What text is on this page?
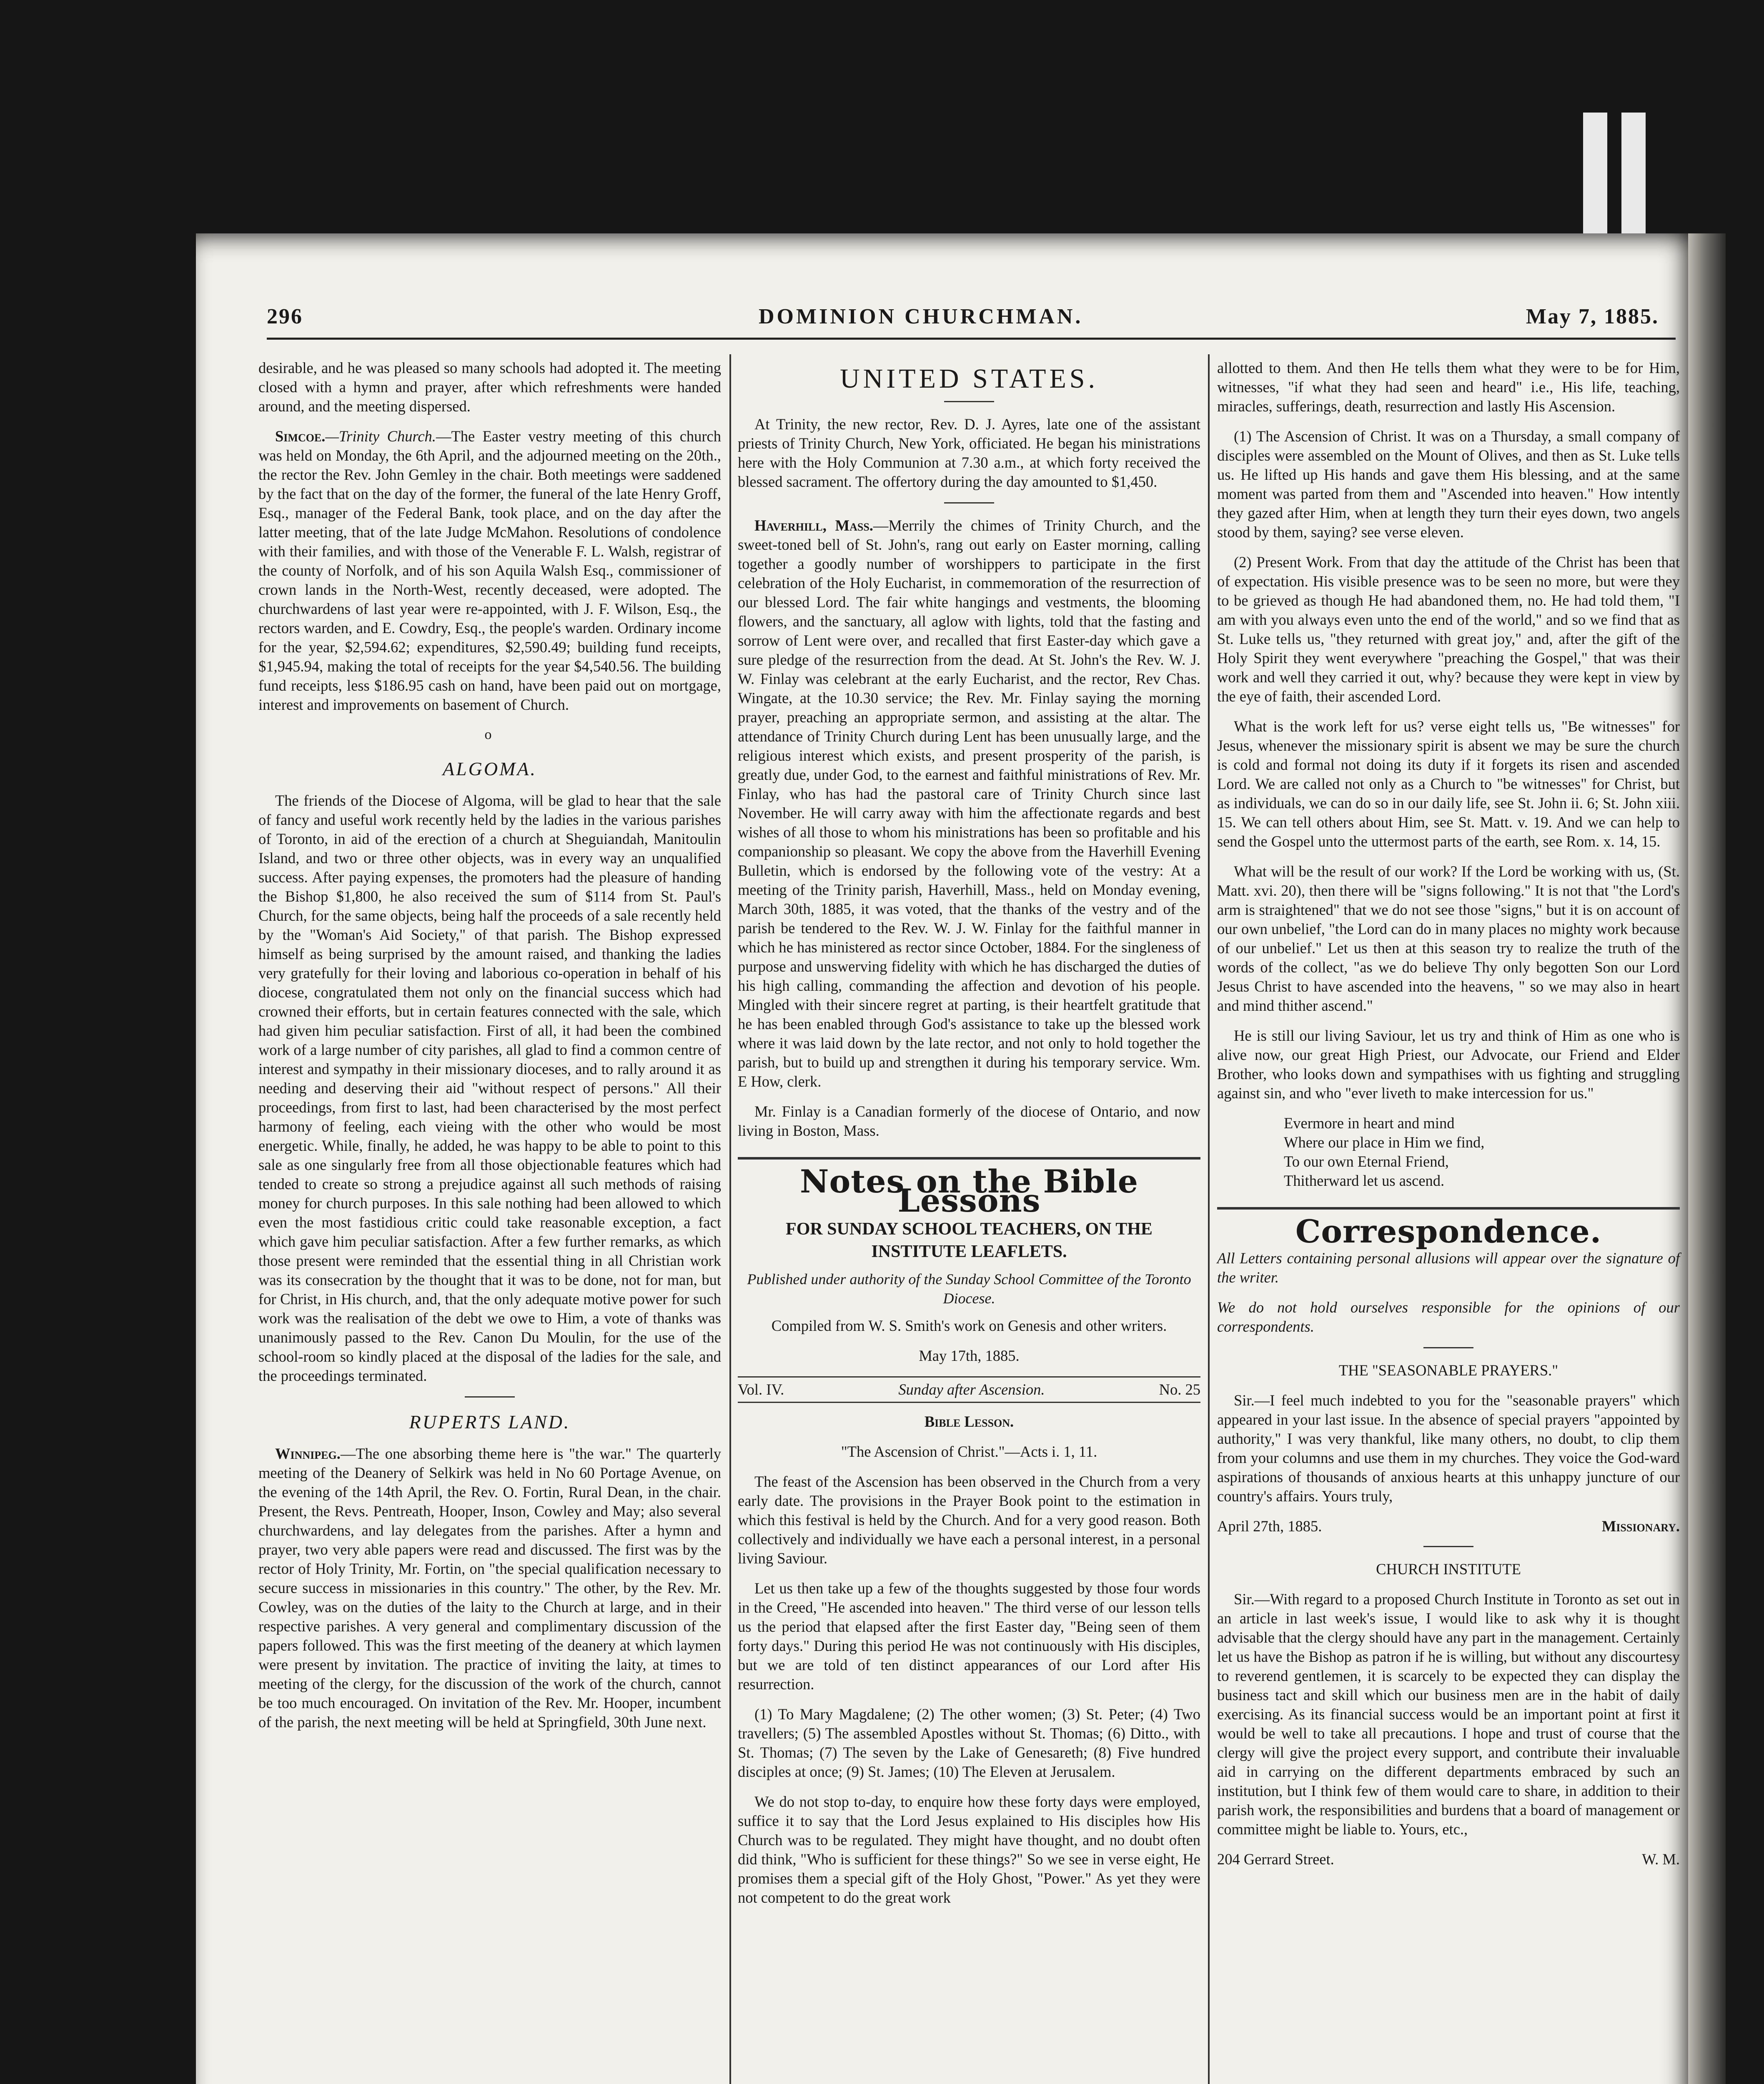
296	DOMINION CHURCHMAN.	May 7, 1885.

desirable, and he was pleased so many schools had adopted it. The meeting closed with a hymn and prayer, after which refreshments were handed around, and the meeting dispersed.

Simcoe.—Trinity Church.—The Easter vestry meeting of this church was held on Monday, the 6th April, and the adjourned meeting on the 20th., the rector the Rev. John Gemley in the chair. Both meetings were saddened by the fact that on the day of the former, the funeral of the late Henry Groff, Esq., manager of the Federal Bank, took place, and on the day after the latter meeting, that of the late Judge McMahon. Resolutions of condolence with their families, and with those of the Venerable F. L. Walsh, registrar of the county of Norfolk, and of his son Aquila Walsh Esq., commissioner of crown lands in the North-West, recently deceased, were adopted. The churchwardens of last year were re-appointed, with J. F. Wilson, Esq., the rectors warden, and E. Cowdry, Esq., the people's warden. Ordinary income for the year, $2,594.62; expenditures, $2,590.49; building fund receipts, $1,945.94, making the total of receipts for the year $4,540.56. The building fund receipts, less $186.95 cash on hand, have been paid out on mortgage, interest and improvements on basement of Church.

o
ALGOMA.

The friends of the Diocese of Algoma, will be glad to hear that the sale of fancy and useful work recently held by the ladies in the various parishes of Toronto, in aid of the erection of a church at Sheguiandah, Manitoulin Island, and two or three other objects, was in every way an unqualified success. After paying expenses, the promoters had the pleasure of handing the Bishop $1,800, he also received the sum of $114 from St. Paul's Church, for the same objects, being half the proceeds of a sale recently held by the "Woman's Aid Society," of that parish. The Bishop expressed himself as being surprised by the amount raised, and thanking the ladies very gratefully for their loving and laborious co-operation in behalf of his diocese, congratulated them not only on the financial success which had crowned their efforts, but in certain features connected with the sale, which had given him peculiar satisfaction. First of all, it had been the combined work of a large number of city parishes, all glad to find a common centre of interest and sympathy in their missionary dioceses, and to rally around it as needing and deserving their aid "without respect of persons." All their proceedings, from first to last, had been characterised by the most perfect harmony of feeling, each vieing with the other who would be most energetic. While, finally, he added, he was happy to be able to point to this sale as one singularly free from all those objectionable features which had tended to create so strong a prejudice against all such methods of raising money for church purposes. In this sale nothing had been allowed to which even the most fastidious critic could take reasonable exception, a fact which gave him peculiar satisfaction. After a few further remarks, as which those present were reminded that the essential thing in all Christian work was its consecration by the thought that it was to be done, not for man, but for Christ, in His church, and, that the only adequate motive power for such work was the realisation of the debt we owe to Him, a vote of thanks was unanimously passed to the Rev. Canon Du Moulin, for the use of the school-room so kindly placed at the disposal of the ladies for the sale, and the proceedings terminated.

RUPERTS LAND.

Winnipeg.—The one absorbing theme here is "the war." The quarterly meeting of the Deanery of Selkirk was held in No 60 Portage Avenue, on the evening of the 14th April, the Rev. O. Fortin, Rural Dean, in the chair. Present, the Revs. Pentreath, Hooper, Inson, Cowley and May; also several churchwardens, and lay delegates from the parishes. After a hymn and prayer, two very able papers were read and discussed. The first was by the rector of Holy Trinity, Mr. Fortin, on "the special qualification necessary to secure success in missionaries in this country." The other, by the Rev. Mr. Cowley, was on the duties of the laity to the Church at large, and in their respective parishes. A very general and complimentary discussion of the papers followed. This was the first meeting of the deanery at which laymen were present by invitation. The practice of inviting the laity, at times to meeting of the clergy, for the discussion of the work of the church, cannot be too much encouraged. On invitation of the Rev. Mr. Hooper, incumbent of the parish, the next meeting will be held at Springfield, 30th June next.

UNITED STATES.

At Trinity, the new rector, Rev. D. J. Ayres, late one of the assistant priests of Trinity Church, New York, officiated. He began his ministrations here with the Holy Communion at 7.30 a.m., at which forty received the blessed sacrament. The offertory during the day amounted to $1,450.

Haverhill, Mass.—Merrily the chimes of Trinity Church, and the sweet-toned bell of St. John's, rang out early on Easter morning, calling together a goodly number of worshippers to participate in the first celebration of the Holy Eucharist, in commemoration of the resurrection of our blessed Lord. The fair white hangings and vestments, the blooming flowers, and the sanctuary, all aglow with lights, told that the fasting and sorrow of Lent were over, and recalled that first Easter-day which gave a sure pledge of the resurrection from the dead. At St. John's the Rev. W. J. W. Finlay was celebrant at the early Eucharist, and the rector, Rev Chas. Wingate, at the 10.30 service; the Rev. Mr. Finlay saying the morning prayer, preaching an appropriate sermon, and assisting at the altar. The attendance of Trinity Church during Lent has been unusually large, and the religious interest which exists, and present prosperity of the parish, is greatly due, under God, to the earnest and faithful ministrations of Rev. Mr. Finlay, who has had the pastoral care of Trinity Church since last November. He will carry away with him the affectionate regards and best wishes of all those to whom his ministrations has been so profitable and his companionship so pleasant. We copy the above from the Haverhill Evening Bulletin, which is endorsed by the following vote of the vestry: At a meeting of the Trinity parish, Haverhill, Mass., held on Monday evening, March 30th, 1885, it was voted, that the thanks of the vestry and of the parish be tendered to the Rev. W. J. W. Finlay for the faithful manner in which he has ministered as rector since October, 1884. For the singleness of purpose and unswerving fidelity with which he has discharged the duties of his high calling, commanding the affection and devotion of his people. Mingled with their sincere regret at parting, is their heartfelt gratitude that he has been enabled through God's assistance to take up the blessed work where it was laid down by the late rector, and not only to hold together the parish, but to build up and strengthen it during his temporary service. Wm. E How, clerk.

Mr. Finlay is a Canadian formerly of the diocese of Ontario, and now living in Boston, Mass.

Notes on the Bible Lessons
FOR SUNDAY SCHOOL TEACHERS, ON THE INSTITUTE LEAFLETS.
Published under authority of the Sunday School Committee of the Toronto Diocese.

Compiled from W. S. Smith's work on Genesis and other writers.

May 17th, 1885.

Vol. IV.	Sunday after Ascension.	No. 25

Bible Lesson.

"The Ascension of Christ."—Acts i. 1, 11.

The feast of the Ascension has been observed in the Church from a very early date. The provisions in the Prayer Book point to the estimation in which this festival is held by the Church. And for a very good reason. Both collectively and individually we have each a personal interest, in a personal living Saviour.

Let us then take up a few of the thoughts suggested by those four words in the Creed, "He ascended into heaven." The third verse of our lesson tells us the period that elapsed after the first Easter day, "Being seen of them forty days." During this period He was not continuously with His disciples, but we are told of ten distinct appearances of our Lord after His resurrection.

(1) To Mary Magdalene; (2) The other women; (3) St. Peter; (4) Two travellers; (5) The assembled Apostles without St. Thomas; (6) Ditto., with St. Thomas; (7) The seven by the Lake of Genesareth; (8) Five hundred disciples at once; (9) St. James; (10) The Eleven at Jerusalem.

We do not stop to-day, to enquire how these forty days were employed, suffice it to say that the Lord Jesus explained to His disciples how His Church was to be regulated. They might have thought, and no doubt often did think, "Who is sufficient for these things?" So we see in verse eight, He promises them a special gift of the Holy Ghost, "Power." As yet they were not competent to do the great work

allotted to them. And then He tells them what they were to be for Him, witnesses, "if what they had seen and heard" i.e., His life, teaching, miracles, sufferings, death, resurrection and lastly His Ascension.

(1) The Ascension of Christ. It was on a Thursday, a small company of disciples were assembled on the Mount of Olives, and then as St. Luke tells us. He lifted up His hands and gave them His blessing, and at the same moment was parted from them and "Ascended into heaven." How intently they gazed after Him, when at length they turn their eyes down, two angels stood by them, saying? see verse eleven.

(2) Present Work. From that day the attitude of the Christ has been that of expectation. His visible presence was to be seen no more, but were they to be grieved as though He had abandoned them, no. He had told them, "I am with you always even unto the end of the world," and so we find that as St. Luke tells us, "they returned with great joy," and, after the gift of the Holy Spirit they went everywhere "preaching the Gospel," that was their work and well they carried it out, why? because they were kept in view by the eye of faith, their ascended Lord.

What is the work left for us? verse eight tells us, "Be witnesses" for Jesus, whenever the missionary spirit is absent we may be sure the church is cold and formal not doing its duty if it forgets its risen and ascended Lord. We are called not only as a Church to "be witnesses" for Christ, but as individuals, we can do so in our daily life, see St. John ii. 6; St. John xiii. 15. We can tell others about Him, see St. Matt. v. 19. And we can help to send the Gospel unto the uttermost parts of the earth, see Rom. x. 14, 15.

What will be the result of our work? If the Lord be working with us, (St. Matt. xvi. 20), then there will be "signs following." It is not that "the Lord's arm is straightened" that we do not see those "signs," but it is on account of our own unbelief, "the Lord can do in many places no mighty work because of our unbelief." Let us then at this season try to realize the truth of the words of the collect, "as we do believe Thy only begotten Son our Lord Jesus Christ to have ascended into the heavens, " so we may also in heart and mind thither ascend."

He is still our living Saviour, let us try and think of Him as one who is alive now, our great High Priest, our Advocate, our Friend and Elder Brother, who looks down and sympathises with us fighting and struggling against sin, and who "ever liveth to make intercession for us."

Evermore in heart and mind
Where our place in Him we find,
To our own Eternal Friend,
Thitherward let us ascend.
Correspondence.

All Letters containing personal allusions will appear over the signature of the writer.

We do not hold ourselves responsible for the opinions of our correspondents.

THE "SEASONABLE PRAYERS."

Sir.—I feel much indebted to you for the "seasonable prayers" which appeared in your last issue. In the absence of special prayers "appointed by authority," I was very thankful, like many others, no doubt, to clip them from your columns and use them in my churches. They voice the God-ward aspirations of thousands of anxious hearts at this unhappy juncture of our country's affairs. Yours truly,

April 27th, 1885.	Missionary.

CHURCH INSTITUTE

Sir.—With regard to a proposed Church Institute in Toronto as set out in an article in last week's issue, I would like to ask why it is thought advisable that the clergy should have any part in the management. Certainly let us have the Bishop as patron if he is willing, but without any discourtesy to reverend gentlemen, it is scarcely to be expected they can display the business tact and skill which our business men are in the habit of daily exercising. As its financial success would be an important point at first it would be well to take all precautions. I hope and trust of course that the clergy will give the project every support, and contribute their invaluable aid in carrying on the different departments embraced by such an institution, but I think few of them would care to share, in addition to their parish work, the responsibilities and burdens that a board of management or committee might be liable to. Yours, etc.,

204 Gerrard Street.	W. M.
